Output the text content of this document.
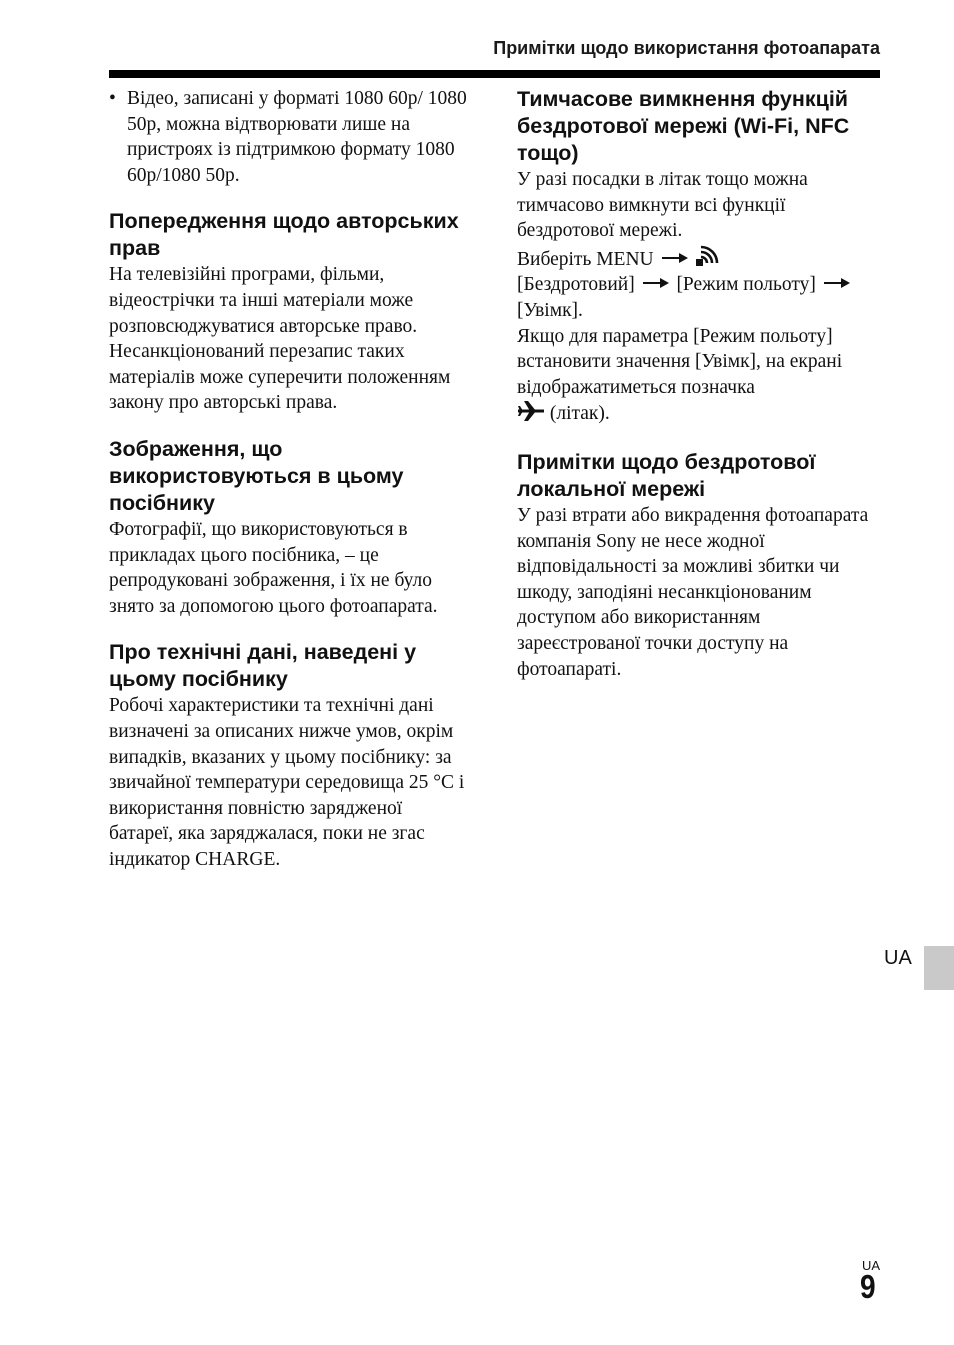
Примітки щодо використання фотоапарата
• Відео, записані у форматі 1080 60p/ 1080 50p, можна відтворювати лише на пристроях із підтримкою формату 1080 60p/1080 50p.
Попередження щодо авторських прав

На телевізійні програми, фільми, відеострічки та інші матеріали може розповсюджуватися авторське право. Несанкціонований перезапис таких матеріалів може суперечити положенням закону про авторські права.

Зображення, що використовуються в цьому посібнику

Фотографії, що використовуються в прикладах цього посібника, – це репродуковані зображення, і їх не було знято за допомогою цього фотоапарата.

Про технічні дані, наведені у цьому посібнику

Робочі характеристики та технічні дані визначені за описаних нижче умов, окрім випадків, вказаних у цьому посібнику: за звичайної температури середовища 25 °C і використання повністю зарядженої батареї, яка заряджалася, поки не згас індикатор CHARGE.

Тимчасове вимкнення функцій бездротової мережі (Wi-Fi, NFC тощо)

У разі посадки в літак тощо можна тимчасово вимкнути всі функції бездротової мережі.

Виберіть MENU
[Бездротовий] [Режим польоту]
[Увімк].

Якщо для параметра [Режим польоту] встановити значення [Увімк], на екрані відображатиметься позначка
(літак).

Примітки щодо бездротової локальної мережі

У разі втрати або викрадення фотоапарата компанія Sony не несе жодної відповідальності за можливі збитки чи шкоду, заподіяні несанкціонованим доступом або використанням зареєстрованої точки доступу на фотоапараті.

UA
UA
9
